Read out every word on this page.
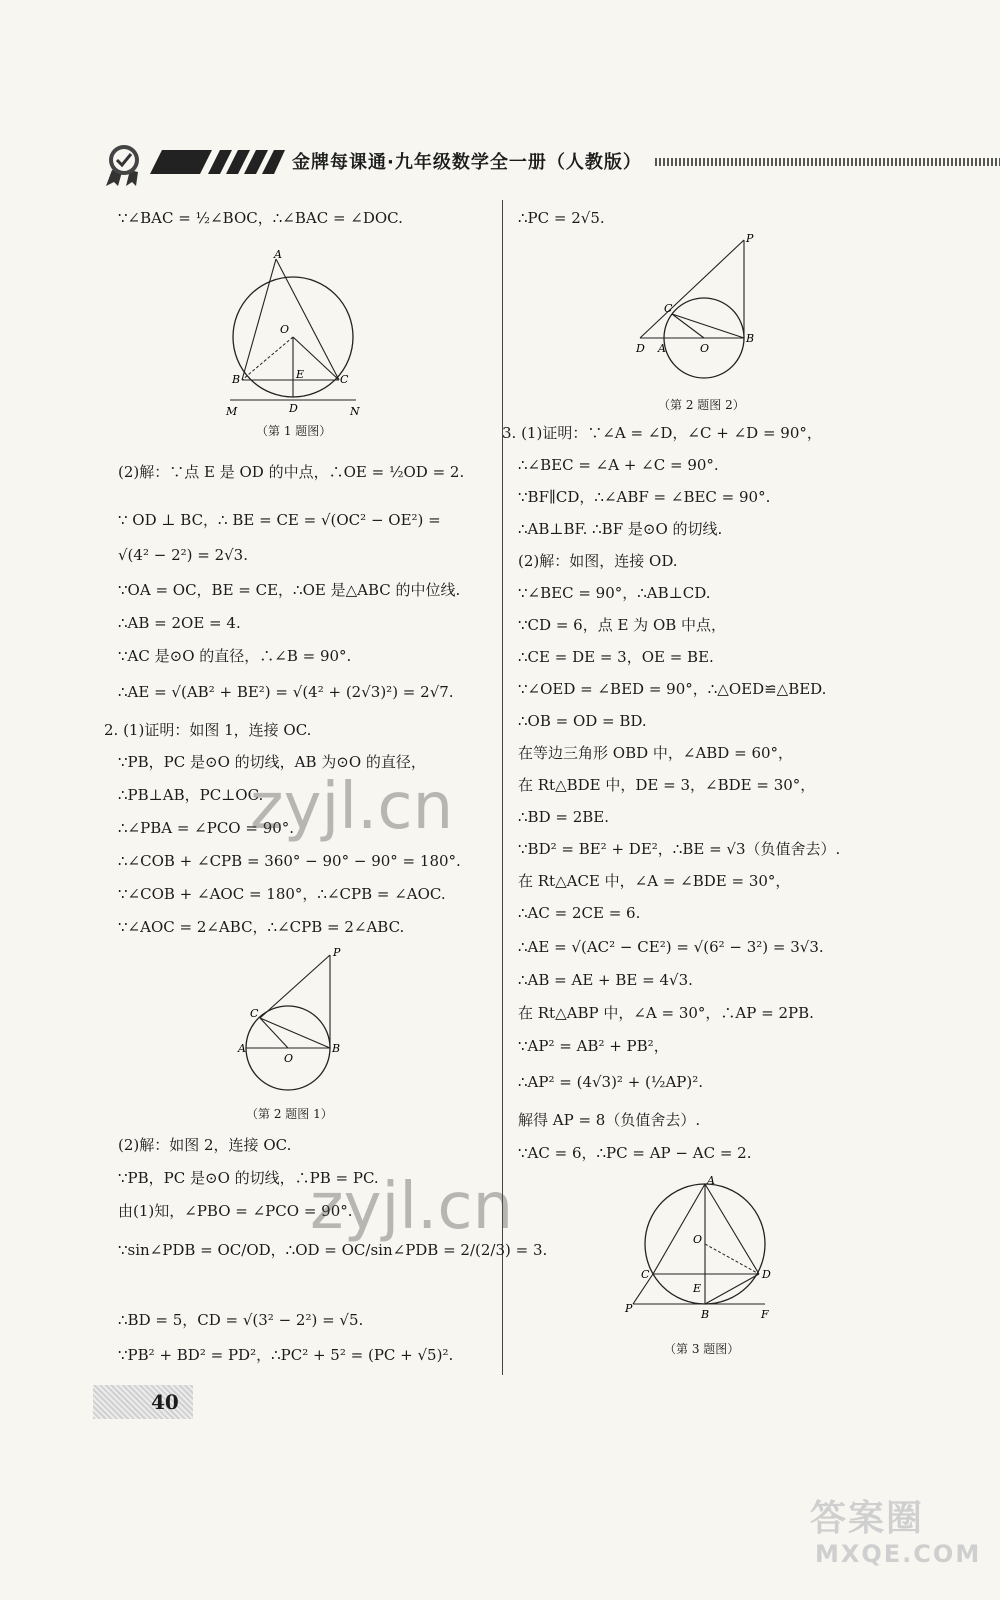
金牌每课通·九年级数学全一册（人教版）
∵∠BAC = ½∠BOC，∴∠BAC = ∠DOC.
A
O
B	C
E
D
M	N
（第 1 题图）
(2)解：∵点 E 是 OD 的中点，∴OE = ½OD = 2.
∵ OD ⊥ BC，∴ BE = CE = √(OC² − OE²) =
√(4² − 2²) = 2√3.
∵OA = OC，BE = CE，∴OE 是△ABC 的中位线.
∴AB = 2OE = 4.
∵AC 是⊙O 的直径，∴∠B = 90°.
∴AE = √(AB² + BE²) = √(4² + (2√3)²) = 2√7.
2. (1)证明：如图 1，连接 OC.
∵PB，PC 是⊙O 的切线，AB 为⊙O 的直径，
∴PB⊥AB，PC⊥OC.
∴∠PBA = ∠PCO = 90°.
∴∠COB + ∠CPB = 360° − 90° − 90° = 180°.
∵∠COB + ∠AOC = 180°，∴∠CPB = ∠AOC.
∵∠AOC = 2∠ABC，∴∠CPB = 2∠ABC.
P
C
A
O
B
（第 2 题图 1）
(2)解：如图 2，连接 OC.
∵PB，PC 是⊙O 的切线，∴PB = PC.
由(1)知，∠PBO = ∠PCO = 90°.
∵sin∠PDB = OC/OD，∴OD = OC/sin∠PDB = 2/(2/3) = 3.
∴BD = 5，CD = √(3² − 2²) = √5.
∵PB² + BD² = PD²，∴PC² + 5² = (PC + √5)².
∴PC = 2√5.
P
C
D A	O
B
（第 2 题图 2）
3. (1)证明：∵∠A = ∠D，∠C + ∠D = 90°，
∴∠BEC = ∠A + ∠C = 90°.
∵BF∥CD，∴∠ABF = ∠BEC = 90°.
∴AB⊥BF. ∴BF 是⊙O 的切线.
(2)解：如图，连接 OD.
∵∠BEC = 90°，∴AB⊥CD.
∵CD = 6，点 E 为 OB 中点，
∴CE = DE = 3，OE = BE.
∵∠OED = ∠BED = 90°，∴△OED≌△BED.
∴OB = OD = BD.
在等边三角形 OBD 中，∠ABD = 60°，
在 Rt△BDE 中，DE = 3，∠BDE = 30°，
∴BD = 2BE.
∵BD² = BE² + DE²，∴BE = √3（负值舍去）.
在 Rt△ACE 中，∠A = ∠BDE = 30°，
∴AC = 2CE = 6.
∴AE = √(AC² − CE²) = √(6² − 3²) = 3√3.
∴AB = AE + BE = 4√3.
在 Rt△ABP 中，∠A = 30°，∴AP = 2PB.
∵AP² = AB² + PB²，
∴AP² = (4√3)² + (½AP)².
解得 AP = 8（负值舍去）.
∵AC = 6，∴PC = AP − AC = 2.
A
O
C	D
E
P	B	F
（第 3 题图）
40
zyjl.cn
zyjl.cn
答案圈
MXQE.COM
